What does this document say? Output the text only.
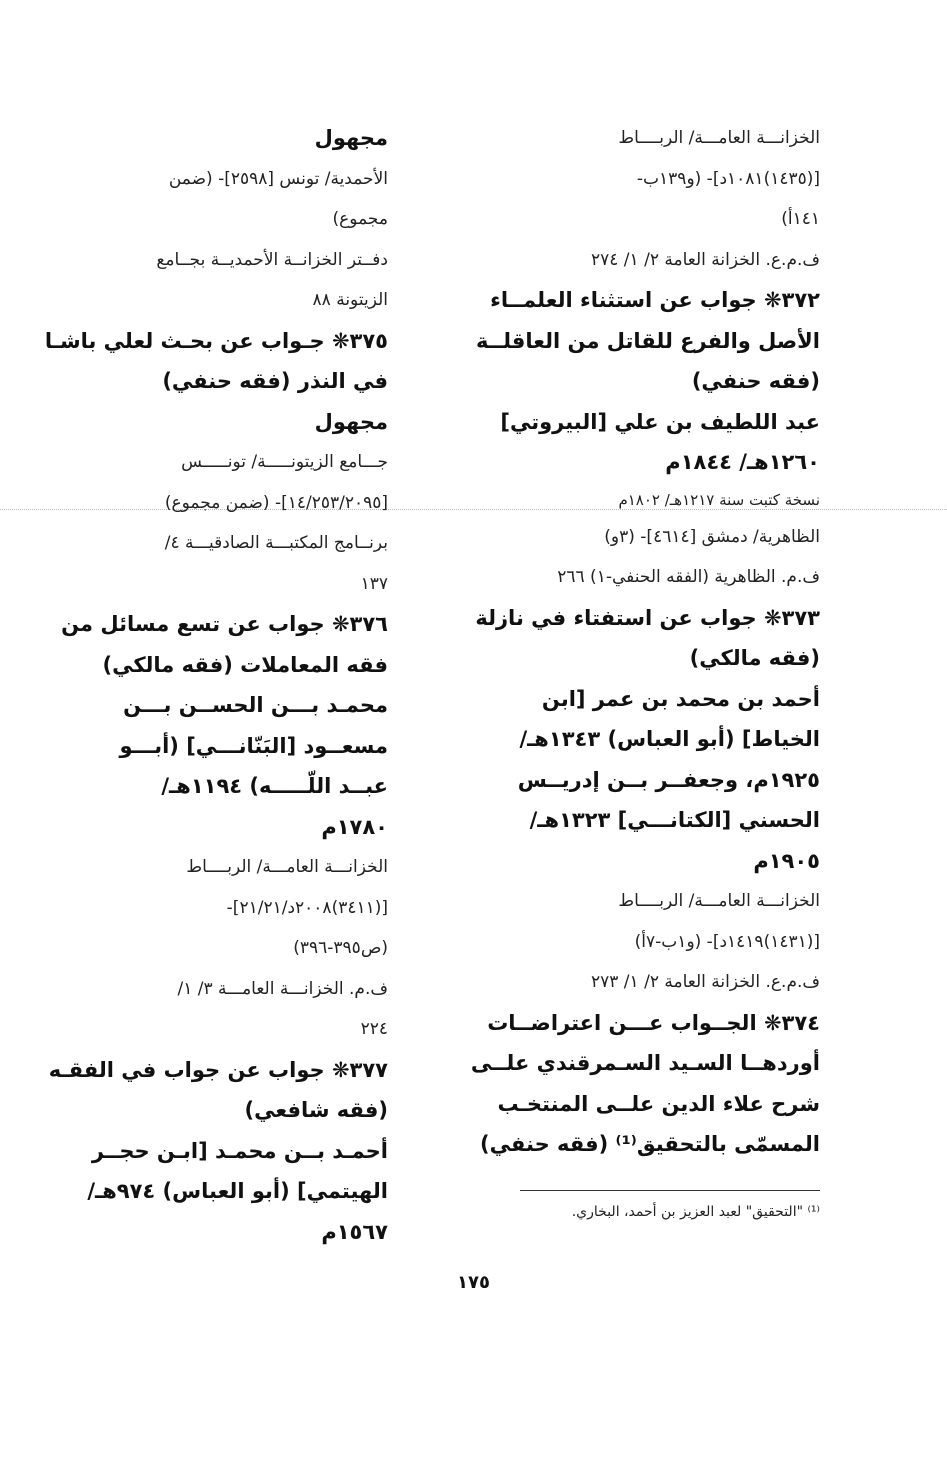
الخزانـــة العامـــة/ الربــــاط
[(١٤٣٥)١٠٨١د]- (و١٣٩ب-
١٤١أ)
ف.م.ع. الخزانة العامة ٢/ ١/ ٢٧٤
٣٧٢❋ جواب عن استثناء العلمــاء
الأصل والفرع للقاتل من العاقلــة
(فقه حنفي)
عبد اللطيف بن علي [البيروتي]
١٢٦٠هـ/ ١٨٤٤م
نسخة كتبت سنة ١٢١٧هـ/ ١٨٠٢م
الظاهرية/ دمشق [٤٦١٤]- (٣و)
ف.م. الظاهرية (الفقه الحنفي-١) ٢٦٦
٣٧٣❋ جواب عن استفتاء في نازلة
(فقه مالكي)
أحمد بن محمد بن عمر [ابن
الخياط] (أبو العباس) ١٣٤٣هـ/
١٩٢٥م، وجعفــر بــن إدريــس
الحسني [الكتانـــي] ١٣٢٣هـ/
١٩٠٥م
الخزانـــة العامـــة/ الربــــاط
[(١٤٣١)١٤١٩د]- (و١ب-٧أ)
ف.م.ع. الخزانة العامة ٢/ ١/ ٢٧٣
٣٧٤❋ الجــواب عـــن اعتراضــات
أوردهــا السـيد السـمرقندي علــى
شرح علاء الدين علــى المنتخـب
المسمّى بالتحقيق⁽¹⁾ (فقه حنفي)
مجهول
الأحمدية/ تونس [٢٥٩٨]- (ضمن
مجموع)
دفــتر الخزانــة الأحمديــة بجــامع
الزيتونة ٨٨
٣٧٥❋ جـواب عن بحـث لعلي باشـا
في النذر (فقه حنفي)
مجهول
جـــامع الزيتونـــــة/ تونـــــس
[١٤/٢٥٣/٢٠٩٥]- (ضمن مجموع)
برنــامج المكتبـــة الصادقيـــة ٤/
١٣٧
٣٧٦❋ جواب عن تسع مسائل من
فقه المعاملات (فقه مالكي)
محمـد بـــن الحســن بـــن
مسعــود [البَنّانـــي] (أبـــو
عبــد اللّـــــه) ١١٩٤هـ/
١٧٨٠م
الخزانـــة العامـــة/ الربــــاط
[(٣٤١١)٢٠٠٨د/٢١/٢١]-
(ص٣٩٥-٣٩٦)
ف.م. الخزانـــة العامـــة ٣/ ١/
٢٢٤
٣٧٧❋ جواب عن جواب في الفقـه
(فقه شافعي)
أحمـد بــن محمـد [ابـن حجــر
الهيتمي] (أبو العباس) ٩٧٤هـ/
١٥٦٧م
⁽¹⁾ "التحقيق" لعبد العزيز بن أحمد، البخاري.
١٧٥
